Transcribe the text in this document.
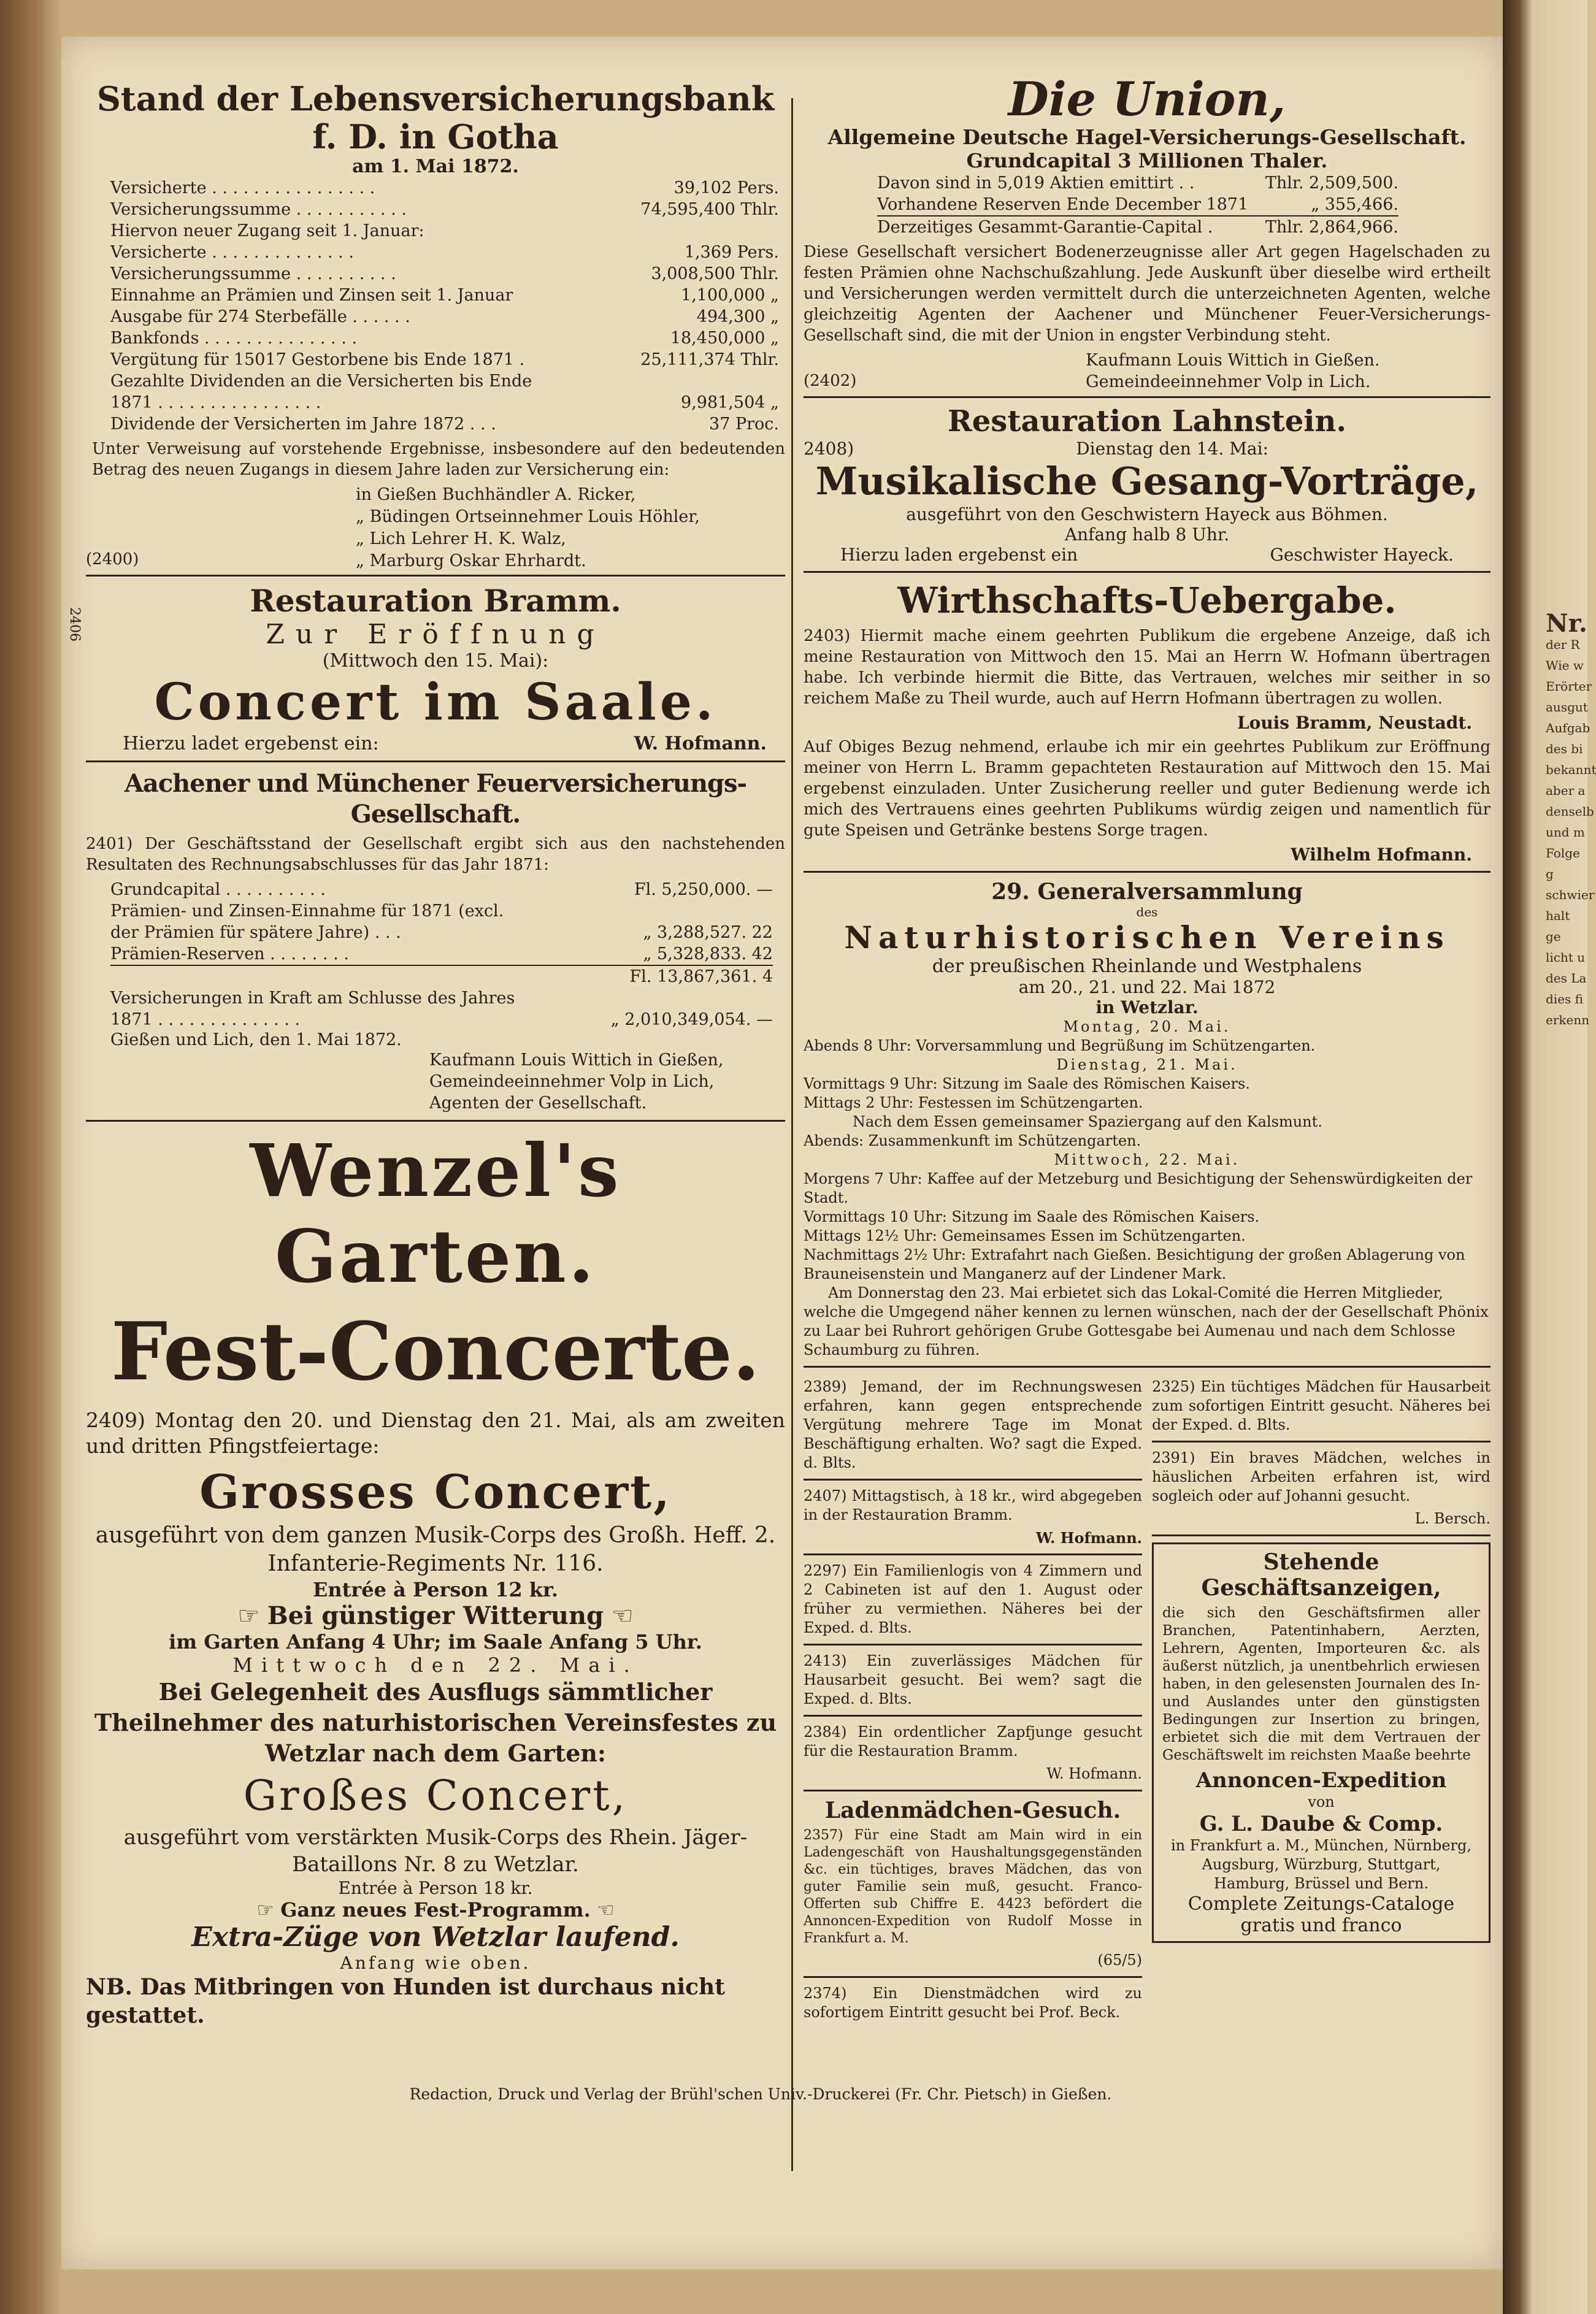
Nr.
der R
Wie w
Erörter
ausgut
Aufgab
des bi
bekannt
aber a
denselb
und m
Folge g
schwier
halt ge
licht u
des La
dies fi
erkenn
Stand der Lebensversicherungsbank f. D. in Gotha
am 1. Mai 1872.
Versicherte . . . . . . . . . . . . . . . .	39,102 Pers.
Versicherungssumme . . . . . . . . . . .	74,595,400 Thlr.
Hiervon neuer Zugang seit 1. Januar:
Versicherte . . . . . . . . . . . . . .	1,369 Pers.
Versicherungssumme . . . . . . . . . .	3,008,500 Thlr.
Einnahme an Prämien und Zinsen seit 1. Januar	1,100,000 „
Ausgabe für 274 Sterbefälle . . . . . .	494,300 „
Bankfonds . . . . . . . . . . . . . . .	18,450,000 „
Vergütung für 15017 Gestorbene bis Ende 1871 .	25,111,374 Thlr.
Gezahlte Dividenden an die Versicherten bis Ende
1871 . . . . . . . . . . . . . . . .	9,981,504 „
Dividende der Versicherten im Jahre 1872 . . .	37 Proc.

Unter Verweisung auf vorstehende Ergebnisse, insbesondere auf den bedeutenden Betrag des neuen Zugangs in diesem Jahre laden zur Versicherung ein:

in Gießen Buchhändler A. Ricker,
„ Büdingen Ortseinnehmer Louis Höhler,
„ Lich Lehrer H. K. Walz,
„ Marburg Oskar Ehrhardt.
(2400)
2406
Restauration Bramm.
Zur Eröffnung
(Mittwoch den 15. Mai):
Concert im Saale.
Hierzu ladet ergebenst ein:	W. Hofmann.
Aachener und Münchener Feuerversicherungs-Gesellschaft.

2401) Der Geschäftsstand der Gesellschaft ergibt sich aus den nachstehenden Resultaten des Rechnungsabschlusses für das Jahr 1871:

Grundcapital . . . . . . . . . .	Fl. 5,250,000. —
Prämien- und Zinsen-Einnahme für 1871 (excl.
der Prämien für spätere Jahre) . . .	„ 3,288,527. 22
Prämien-Reserven . . . . . . . .	„ 5,328,833. 42
Fl. 13,867,361. 4
Versicherungen in Kraft am Schlusse des Jahres
1871 . . . . . . . . . . . . . .	„ 2,010,349,054. —
Gießen und Lich, den 1. Mai 1872.
Kaufmann Louis Wittich in Gießen,
Gemeindeeinnehmer Volp in Lich,
Agenten der Gesellschaft.
Wenzel's Garten.
Fest-Concerte.

2409) Montag den 20. und Dienstag den 21. Mai, als am zweiten und dritten Pfingstfeiertage:

Grosses Concert,
ausgeführt von dem ganzen Musik-Corps des Großh. Heff. 2. Infanterie-Regiments Nr. 116.
Entrée à Person 12 kr.
☞ Bei günstiger Witterung ☜
im Garten Anfang 4 Uhr; im Saale Anfang 5 Uhr.
Mittwoch den 22. Mai.
Bei Gelegenheit des Ausflugs sämmtlicher Theilnehmer des naturhistorischen Vereinsfestes zu Wetzlar nach dem Garten:
Großes Concert,
ausgeführt vom verstärkten Musik-Corps des Rhein. Jäger-Bataillons Nr. 8 zu Wetzlar.
Entrée à Person 18 kr.
☞ Ganz neues Fest-Programm. ☜
Extra-Züge von Wetzlar laufend.
Anfang wie oben.
NB. Das Mitbringen von Hunden ist durchaus nicht gestattet.
Die Union,
Allgemeine Deutsche Hagel-Versicherungs-Gesellschaft.
Grundcapital 3 Millionen Thaler.
Davon sind in 5,019 Aktien emittirt . .	Thlr. 2,509,500.
Vorhandene Reserven Ende December 1871	„ 355,466.
Derzeitiges Gesammt-Garantie-Capital .	Thlr. 2,864,966.

Diese Gesellschaft versichert Bodenerzeugnisse aller Art gegen Hagelschaden zu festen Prämien ohne Nachschußzahlung. Jede Auskunft über dieselbe wird ertheilt und Versicherungen werden vermittelt durch die unterzeichneten Agenten, welche gleichzeitig Agenten der Aachener und Münchener Feuer-Versicherungs-Gesellschaft sind, die mit der Union in engster Verbindung steht.

Kaufmann Louis Wittich in Gießen.
Gemeindeeinnehmer Volp in Lich.
(2402)
Restauration Lahnstein.
2408)	Dienstag den 14. Mai:
Musikalische Gesang-Vorträge,
ausgeführt von den Geschwistern Hayeck aus Böhmen.
Anfang halb 8 Uhr.
Hierzu laden ergebenst ein	Geschwister Hayeck.
Wirthschafts-Uebergabe.

2403) Hiermit mache einem geehrten Publikum die ergebene Anzeige, daß ich meine Restauration von Mittwoch den 15. Mai an Herrn W. Hofmann übertragen habe. Ich verbinde hiermit die Bitte, das Vertrauen, welches mir seither in so reichem Maße zu Theil wurde, auch auf Herrn Hofmann übertragen zu wollen.

Louis Bramm, Neustadt.

Auf Obiges Bezug nehmend, erlaube ich mir ein geehrtes Publikum zur Eröffnung meiner von Herrn L. Bramm gepachteten Restauration auf Mittwoch den 15. Mai ergebenst einzuladen. Unter Zusicherung reeller und guter Bedienung werde ich mich des Vertrauens eines geehrten Publikums würdig zeigen und namentlich für gute Speisen und Getränke bestens Sorge tragen.

Wilhelm Hofmann.
29. Generalversammlung
des
Naturhistorischen Vereins
der preußischen Rheinlande und Westphalens
am 20., 21. und 22. Mai 1872
in Wetzlar.
Montag, 20. Mai.
Abends 8 Uhr: Vorversammlung und Begrüßung im Schützengarten.
Dienstag, 21. Mai.
Vormittags 9 Uhr: Sitzung im Saale des Römischen Kaisers.
Mittags 2 Uhr: Festessen im Schützengarten.
Nach dem Essen gemeinsamer Spaziergang auf den Kalsmunt.
Abends: Zusammenkunft im Schützengarten.
Mittwoch, 22. Mai.
Morgens 7 Uhr: Kaffee auf der Metzeburg und Besichtigung der Sehenswürdigkeiten der Stadt.
Vormittags 10 Uhr: Sitzung im Saale des Römischen Kaisers.
Mittags 12½ Uhr: Gemeinsames Essen im Schützengarten.
Nachmittags 2½ Uhr: Extrafahrt nach Gießen. Besichtigung der großen Ablagerung von Brauneisenstein und Manganerz auf der Lindener Mark.
Am Donnerstag den 23. Mai erbietet sich das Lokal-Comité die Herren Mitglieder, welche die Umgegend näher kennen zu lernen wünschen, nach der der Gesellschaft Phönix zu Laar bei Ruhrort gehörigen Grube Gottesgabe bei Aumenau und nach dem Schlosse Schaumburg zu führen.

2389) Jemand, der im Rechnungswesen erfahren, kann gegen entsprechende Vergütung mehrere Tage im Monat Beschäftigung erhalten. Wo? sagt die Exped. d. Blts.

2407) Mittagstisch, à 18 kr., wird abgegeben in der Restauration Bramm.

W. Hofmann.

2297) Ein Familienlogis von 4 Zimmern und 2 Cabineten ist auf den 1. August oder früher zu vermiethen. Näheres bei der Exped. d. Blts.

2413) Ein zuverlässiges Mädchen für Hausarbeit gesucht. Bei wem? sagt die Exped. d. Blts.

2384) Ein ordentlicher Zapfjunge gesucht für die Restauration Bramm.

W. Hofmann.
Ladenmädchen-Gesuch.

2357) Für eine Stadt am Main wird in ein Ladengeschäft von Haushaltungsgegenständen &c. ein tüchtiges, braves Mädchen, das von guter Familie sein muß, gesucht. Franco-Offerten sub Chiffre E. 4423 befördert die Annoncen-Expedition von Rudolf Mosse in Frankfurt a. M.

(65/5)

2374) Ein Dienstmädchen wird zu sofortigem Eintritt gesucht bei Prof. Beck.

2325) Ein tüchtiges Mädchen für Hausarbeit zum sofortigen Eintritt gesucht. Näheres bei der Exped. d. Blts.

2391) Ein braves Mädchen, welches in häuslichen Arbeiten erfahren ist, wird sogleich oder auf Johanni gesucht.

L. Bersch.
Stehende Geschäftsanzeigen,

die sich den Geschäftsfirmen aller Branchen, Patentinhabern, Aerzten, Lehrern, Agenten, Importeuren &c. als äußerst nützlich, ja unentbehrlich erwiesen haben, in den gelesensten Journalen des In- und Auslandes unter den günstigsten Bedingungen zur Insertion zu bringen, erbietet sich die mit dem Vertrauen der Geschäftswelt im reichsten Maaße beehrte

Annoncen-Expedition
von
G. L. Daube & Comp.
in Frankfurt a. M., München, Nürnberg, Augsburg, Würzburg, Stuttgart, Hamburg, Brüssel und Bern.
Complete Zeitungs-Cataloge
gratis und franco
Redaction, Druck und Verlag der Brühl'schen Univ.-Druckerei (Fr. Chr. Pietsch) in Gießen.
